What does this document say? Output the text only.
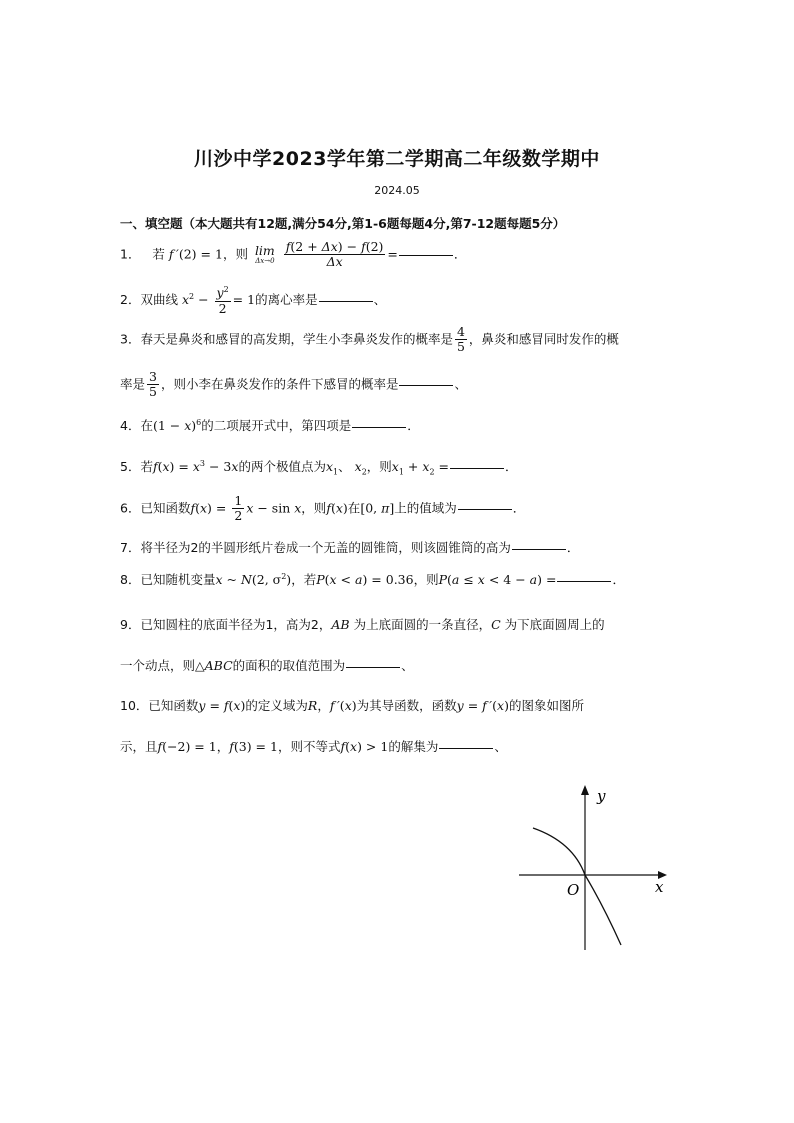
川沙中学2023学年第二学期高二年级数学期中
2024.05
一、填空题（本大题共有12题,满分54分,第1-6题每题4分,第7-12题每题5分）
1． 若 f ′(2) = 1，则 lim
Δx→0
$\frac{f(2 + \Delta x) - f(2)}{\Delta x}$ =	．
2．双曲线 $x^2 - \frac{y^2}{2} = 1$的离心率是	、
3．春天是鼻炎和感冒的高发期，学生小李鼻炎发作的概率是 $\frac{4}{5}$ ，鼻炎和感冒同时发作的概
率是 $\frac{3}{5}$ ，则小李在鼻炎发作的条件下感冒的概率是	、
4．在$(1 - x)^6$的二项展开式中，第四项是	．
5．若$f(x) = x^3 - 3x$的两个极值点为$x_1$、 $x_2$，则$x_1 + x_2$ =	．
6．已知函数$f(x) = \frac{1}{2}$ x − sin x，则f(x)在[0, π]上的值域为	．
7．将半径为2的半圆形纸片卷成一个无盖的圆锥筒，则该圆锥筒的高为	．
8．已知随机变量x ~ N(2, $\sigma^2$)，若P(x < a) = 0.36，则P(a ≤ x < 4 − a) =	．
9．已知圆柱的底面半径为1，高为2，AB 为上底面圆的一条直径，C 为下底面圆周上的
一个动点，则△ABC的面积的取值范围为	、
10．已知函数y = f(x)的定义域为R，f ′(x)为其导函数，函数y = f ′(x)的图象如图所
示，且f(−2) = 1，f(3) = 1，则不等式f(x) > 1的解集为	、
y
x
O
